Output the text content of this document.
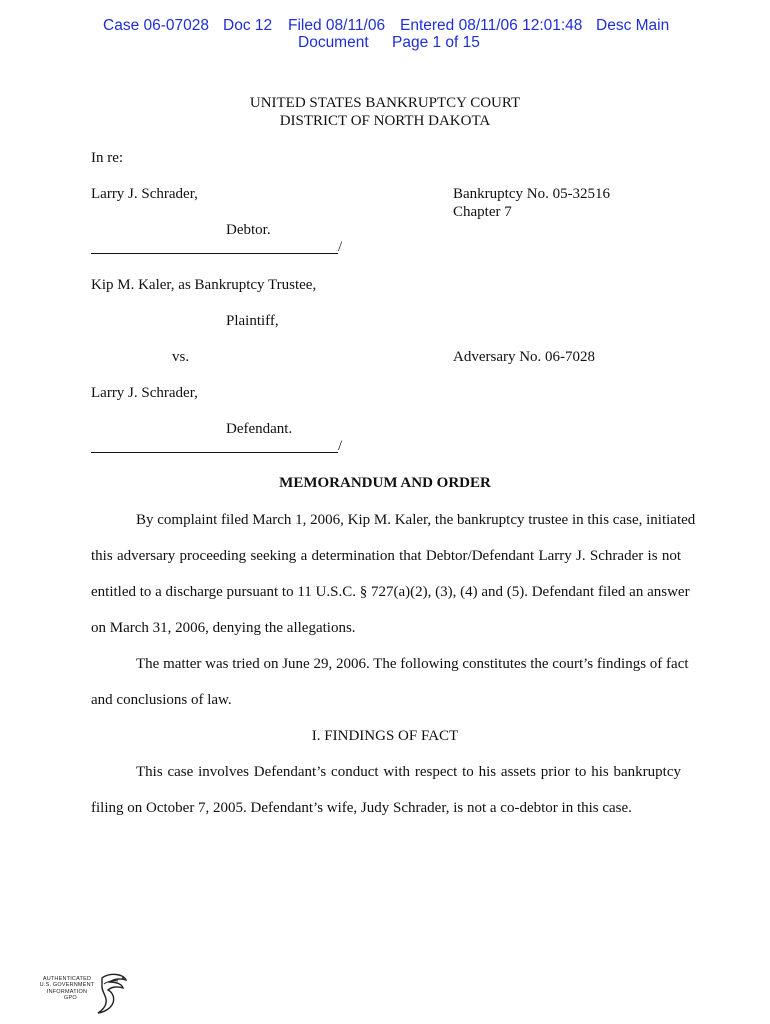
Case 06-07028 Doc 12 Filed 08/11/06 Entered 08/11/06 12:01:48 Desc Main
Document Page 1 of 15
UNITED STATES BANKRUPTCY COURT
DISTRICT OF NORTH DAKOTA
In re:
Larry J. Schrader,	Bankruptcy No. 05-32516
Chapter 7
Debtor.
/
Kip M. Kaler, as Bankruptcy Trustee,
Plaintiff,
vs.	Adversary No. 06-7028
Larry J. Schrader,
Defendant.
/
MEMORANDUM AND ORDER
By complaint filed March 1, 2006, Kip M. Kaler, the bankruptcy trustee in this case, initiated
this adversary proceeding seeking a determination that Debtor/Defendant Larry J. Schrader is not
entitled to a discharge pursuant to 11 U.S.C. § 727(a)(2), (3), (4) and (5). Defendant filed an answer
on March 31, 2006, denying the allegations.
The matter was tried on June 29, 2006. The following constitutes the court’s findings of fact
and conclusions of law.
I. FINDINGS OF FACT
This case involves Defendant’s conduct with respect to his assets prior to his bankruptcy
filing on October 7, 2005. Defendant’s wife, Judy Schrader, is not a co-debtor in this case.
AUTHENTICATED
U.S. GOVERNMENT
INFORMATION
GPO
